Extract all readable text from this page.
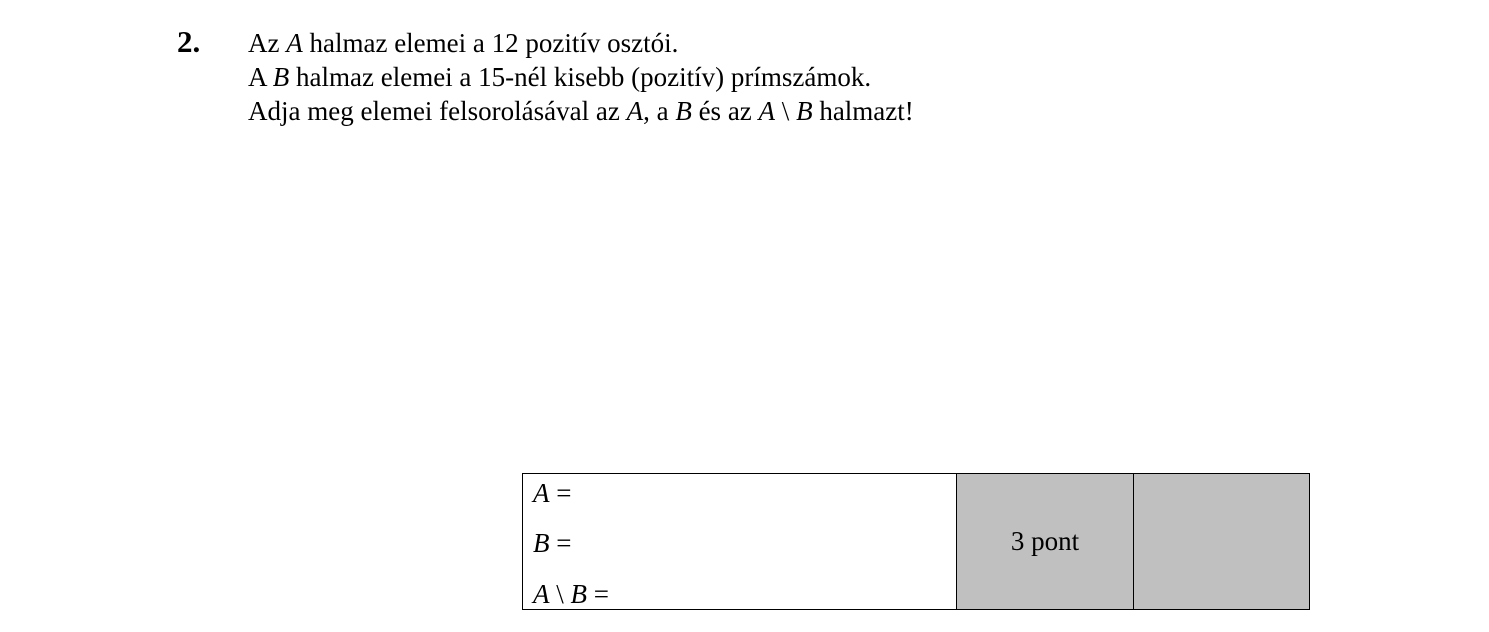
2. Az A halmaz elemei a 12 pozitív osztói.
A B halmaz elemei a 15-nél kisebb (pozitív) prímszámok.
Adja meg elemei felsorolásával az A, a B és az A \ B halmazt!
A =
B =
A \ B =
3 pont
